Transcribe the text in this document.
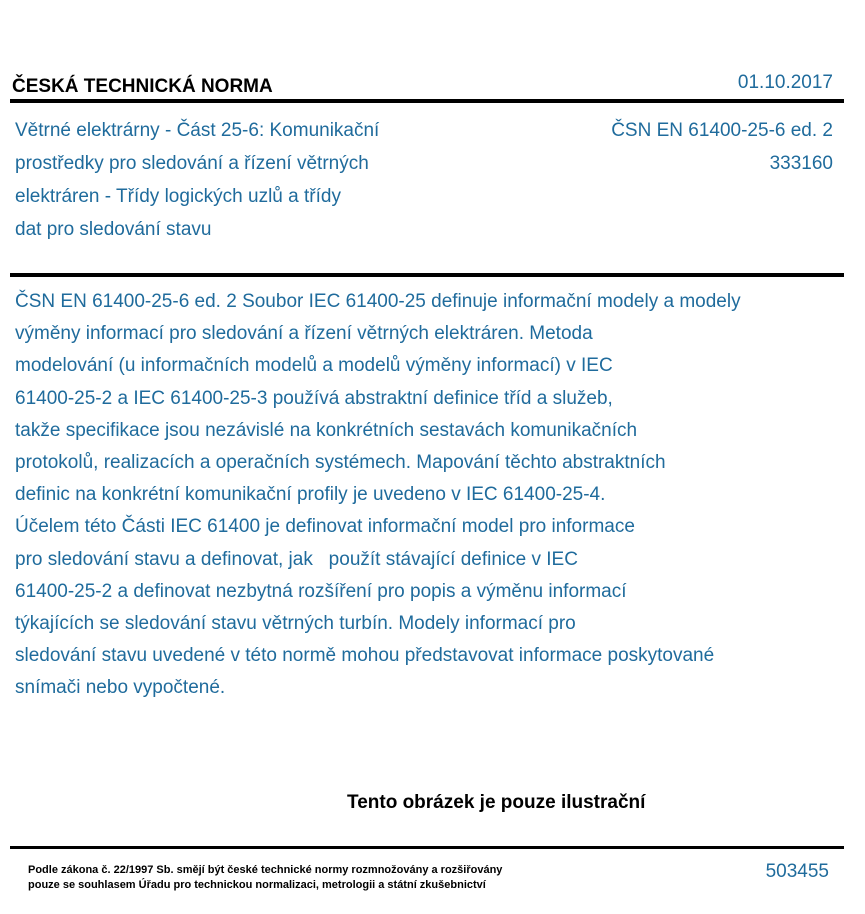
ČESKÁ TECHNICKÁ NORMA	01.10.2017
Větrné elektrárny - Část 25-6: Komunikační
prostředky pro sledování a řízení větrných
elektráren - Třídy logických uzlů a třídy
dat pro sledování stavu
ČSN EN 61400-25-6 ed. 2
333160
ČSN EN 61400-25-6 ed. 2 Soubor IEC 61400-25 definuje informační modely a modely
výměny informací pro sledování a řízení větrných elektráren. Metoda
modelování (u informačních modelů a modelů výměny informací) v IEC
61400-25-2 a IEC 61400-25-3 používá abstraktní definice tříd a služeb,
takže specifikace jsou nezávislé na konkrétních sestavách komunikačních
protokolů, realizacích a operačních systémech. Mapování těchto abstraktních
definic na konkrétní komunikační profily je uvedeno v IEC 61400-25-4.
Účelem této Části IEC 61400 je definovat informační model pro informace
pro sledování stavu a definovat, jak   použít stávající definice v IEC
61400-25-2 a definovat nezbytná rozšíření pro popis a výměnu informací
týkajících se sledování stavu větrných turbín. Modely informací pro
sledování stavu uvedené v této normě mohou představovat informace poskytované
snímači nebo vypočtené.
Tento obrázek je pouze ilustrační
Podle zákona č. 22/1997 Sb. smějí být české technické normy rozmnožovány a rozšiřovány
pouze se souhlasem Úřadu pro technickou normalizaci, metrologii a státní zkušebnictví
503455
